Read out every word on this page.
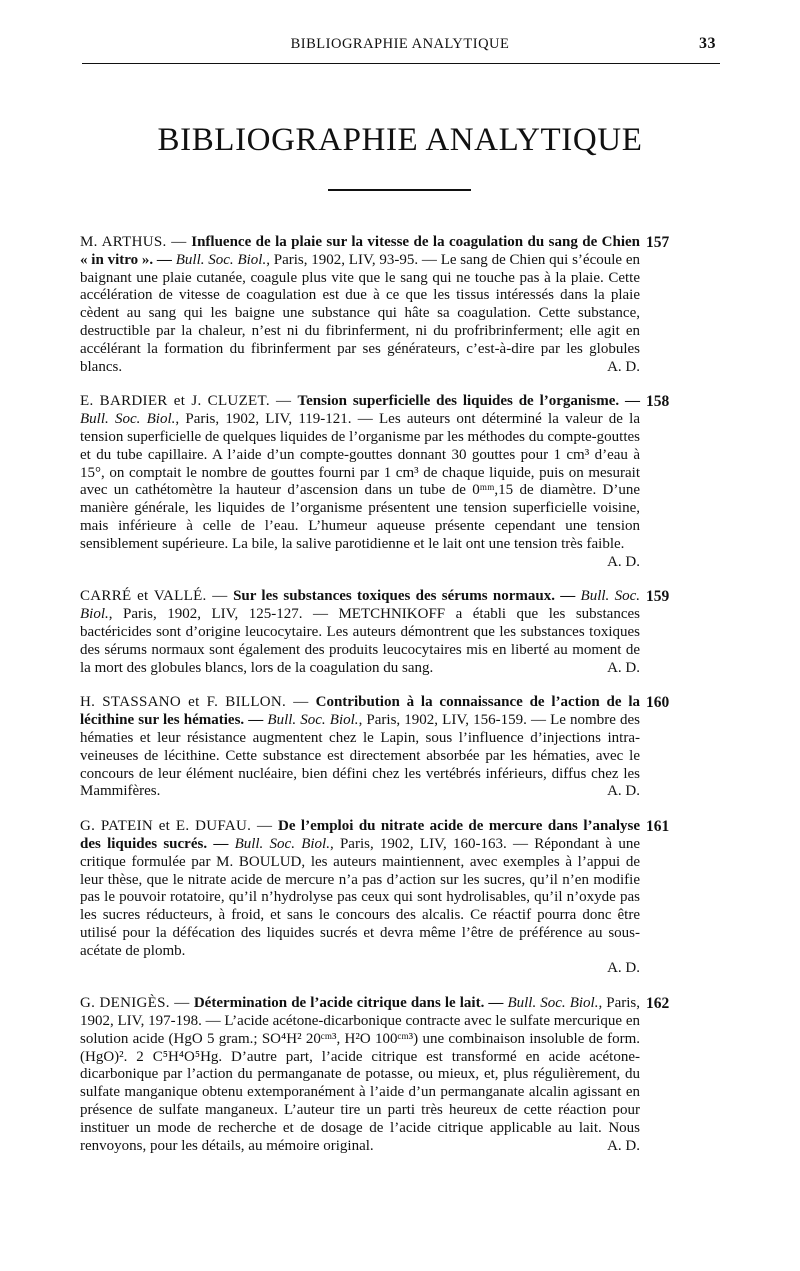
BIBLIOGRAPHIE ANALYTIQUE	33
BIBLIOGRAPHIE ANALYTIQUE
157
M. ARTHUS. — Influence de la plaie sur la vitesse de la coagulation du sang de Chien « in vitro ». — Bull. Soc. Biol., Paris, 1902, LIV, 93-95. — Le sang de Chien qui s’écoule en baignant une plaie cutanée, coagule plus vite que le sang qui ne touche pas à la plaie. Cette accélération de vitesse de coagulation est due à ce que les tissus intéressés dans la plaie cèdent au sang qui les baigne une substance qui hâte sa coagulation. Cette substance, destructible par la chaleur, n’est ni du fibrinferment, ni du profribrinferment; elle agit en accélérant la formation du fibrinferment par ses générateurs, c’est-à-dire par les globules blancs.	A. D.
158
E. BARDIER et J. CLUZET. — Tension superficielle des liquides de l’organisme. — Bull. Soc. Biol., Paris, 1902, LIV, 119-121. — Les auteurs ont déterminé la valeur de la tension superficielle de quelques liquides de l’organisme par les méthodes du compte-gouttes et du tube capillaire. A l’aide d’un compte-gouttes donnant 30 gouttes pour 1 cm³ d’eau à 15°, on comptait le nombre de gouttes fourni par 1 cm³ de chaque liquide, puis on mesurait avec un cathétomètre la hauteur d’ascension dans un tube de 0ᵐᵐ,15 de diamètre. D’une manière générale, les liquides de l’organisme présentent une tension superficielle voisine, mais inférieure à celle de l’eau. L’humeur aqueuse présente cependant une tension sensiblement supérieure. La bile, la salive parotidienne et le lait ont une tension très faible.
A. D.
159
CARRÉ et VALLÉ. — Sur les substances toxiques des sérums normaux. — Bull. Soc. Biol., Paris, 1902, LIV, 125-127. — METCHNIKOFF a établi que les substances bactéricides sont d’origine leucocytaire. Les auteurs démontrent que les substances toxiques des sérums normaux sont également des produits leucocytaires mis en liberté au moment de la mort des globules blancs, lors de la coagulation du sang.	A. D.
160
H. STASSANO et F. BILLON. — Contribution à la connaissance de l’action de la lécithine sur les hématies. — Bull. Soc. Biol., Paris, 1902, LIV, 156-159. — Le nombre des hématies et leur résistance augmentent chez le Lapin, sous l’influence d’injections intra-veineuses de lécithine. Cette substance est directement absorbée par les hématies, avec le concours de leur élément nucléaire, bien défini chez les vertébrés inférieurs, diffus chez les Mammifères.	A. D.
161
G. PATEIN et E. DUFAU. — De l’emploi du nitrate acide de mercure dans l’analyse des liquides sucrés. — Bull. Soc. Biol., Paris, 1902, LIV, 160-163. — Répondant à une critique formulée par M. BOULUD, les auteurs maintiennent, avec exemples à l’appui de leur thèse, que le nitrate acide de mercure n’a pas d’action sur les sucres, qu’il n’en modifie pas le pouvoir rotatoire, qu’il n’hydrolyse pas ceux qui sont hydrolisables, qu’il n’oxyde pas les sucres réducteurs, à froid, et sans le concours des alcalis. Ce réactif pourra donc être utilisé pour la défécation des liquides sucrés et devra même l’être de préférence au sous-acétate de plomb.
A. D.
162
G. DENIGÈS. — Détermination de l’acide citrique dans le lait. — Bull. Soc. Biol., Paris, 1902, LIV, 197-198. — L’acide acétone-dicarbonique contracte avec le sulfate mercurique en solution acide (HgO 5 gram.; SO⁴H² 20ᶜᵐ³, H²O 100ᶜᵐ³) une combinaison insoluble de form. (HgO)². 2 C⁵H⁴O⁵Hg. D’autre part, l’acide citrique est transformé en acide acétone-dicarbonique par l’action du permanganate de potasse, ou mieux, et, plus régulièrement, du sulfate manganique obtenu extemporanément à l’aide d’un permanganate alcalin agissant en présence de sulfate manganeux. L’auteur tire un parti très heureux de cette réaction pour instituer un mode de recherche et de dosage de l’acide citrique applicable au lait. Nous renvoyons, pour les détails, au mémoire original.	A. D.
